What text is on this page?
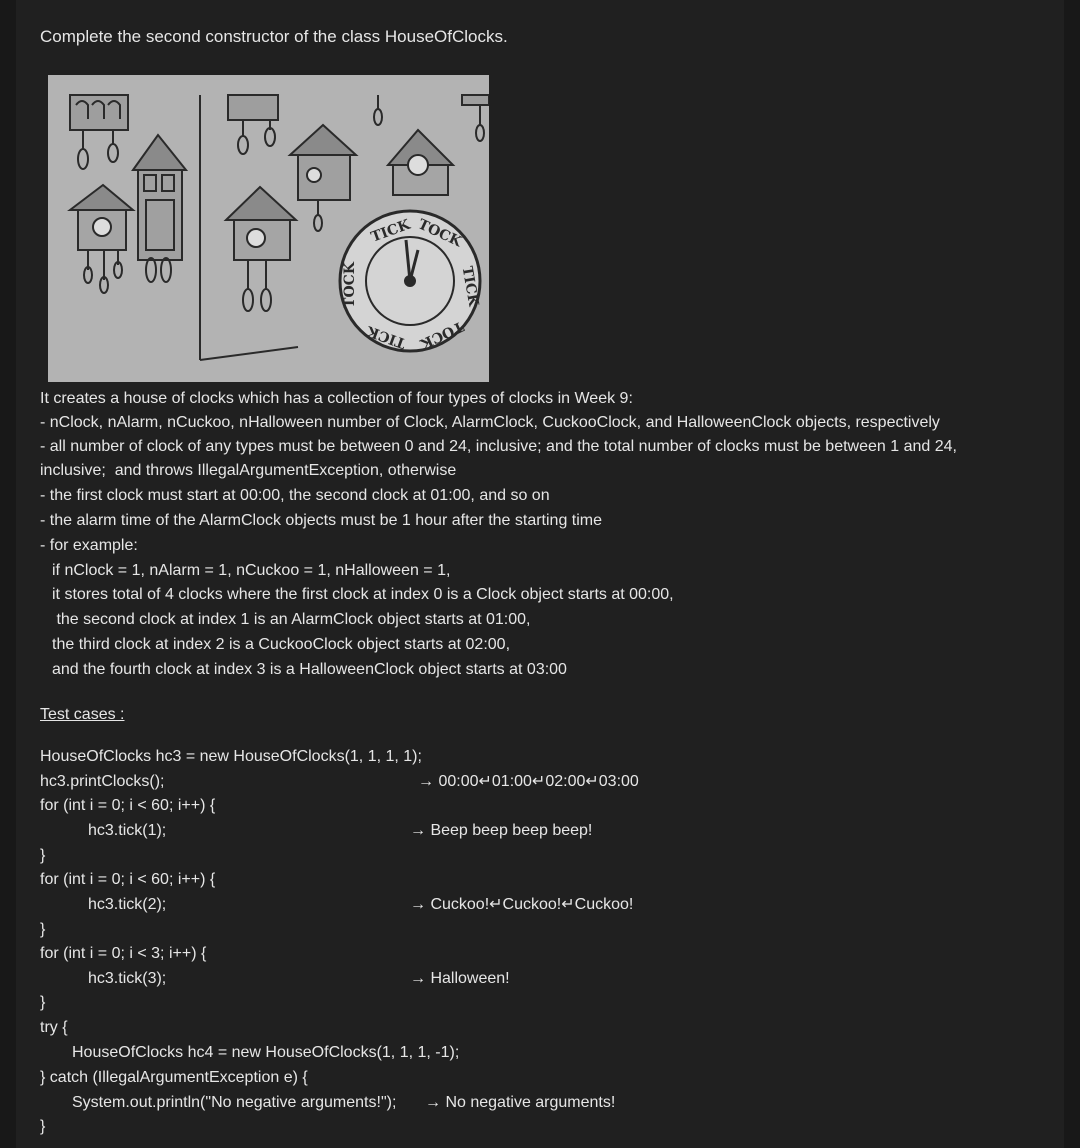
Complete the second constructor of the class HouseOfClocks.
TICK TOCK
TICK
TOCK
TICK
TOCK
It creates a house of clocks which has a collection of four types of clocks in Week 9:
- nClock, nAlarm, nCuckoo, nHalloween number of Clock, AlarmClock, CuckooClock, and HalloweenClock objects, respectively
- all number of clock of any types must be between 0 and 24, inclusive; and the total number of clocks must be between 1 and 24,
inclusive;  and throws IllegalArgumentException, otherwise
- the first clock must start at 00:00, the second clock at 01:00, and so on
- the alarm time of the AlarmClock objects must be 1 hour after the starting time
- for example:
if nClock = 1, nAlarm = 1, nCuckoo = 1, nHalloween = 1,
it stores total of 4 clocks where the first clock at index 0 is a Clock object starts at 00:00,
the second clock at index 1 is an AlarmClock object starts at 01:00,
the third clock at index 2 is a CuckooClock object starts at 02:00,
and the fourth clock at index 3 is a HalloweenClock object starts at 03:00
Test cases :
HouseOfClocks hc3 = new HouseOfClocks(1, 1, 1, 1);
hc3.printClocks();
for (int i = 0; i < 60; i++) {
hc3.tick(1);
}
for (int i = 0; i < 60; i++) {
hc3.tick(2);
}
for (int i = 0; i < 3; i++) {
hc3.tick(3);
}
try {
HouseOfClocks hc4 = new HouseOfClocks(1, 1, 1, -1);
} catch (IllegalArgumentException e) {
System.out.println("No negative arguments!");
}
→ 00:00↵01:00↵02:00↵03:00
→ Beep beep beep beep!
→ Cuckoo!↵Cuckoo!↵Cuckoo!
→ Halloween!
→ No negative arguments!
